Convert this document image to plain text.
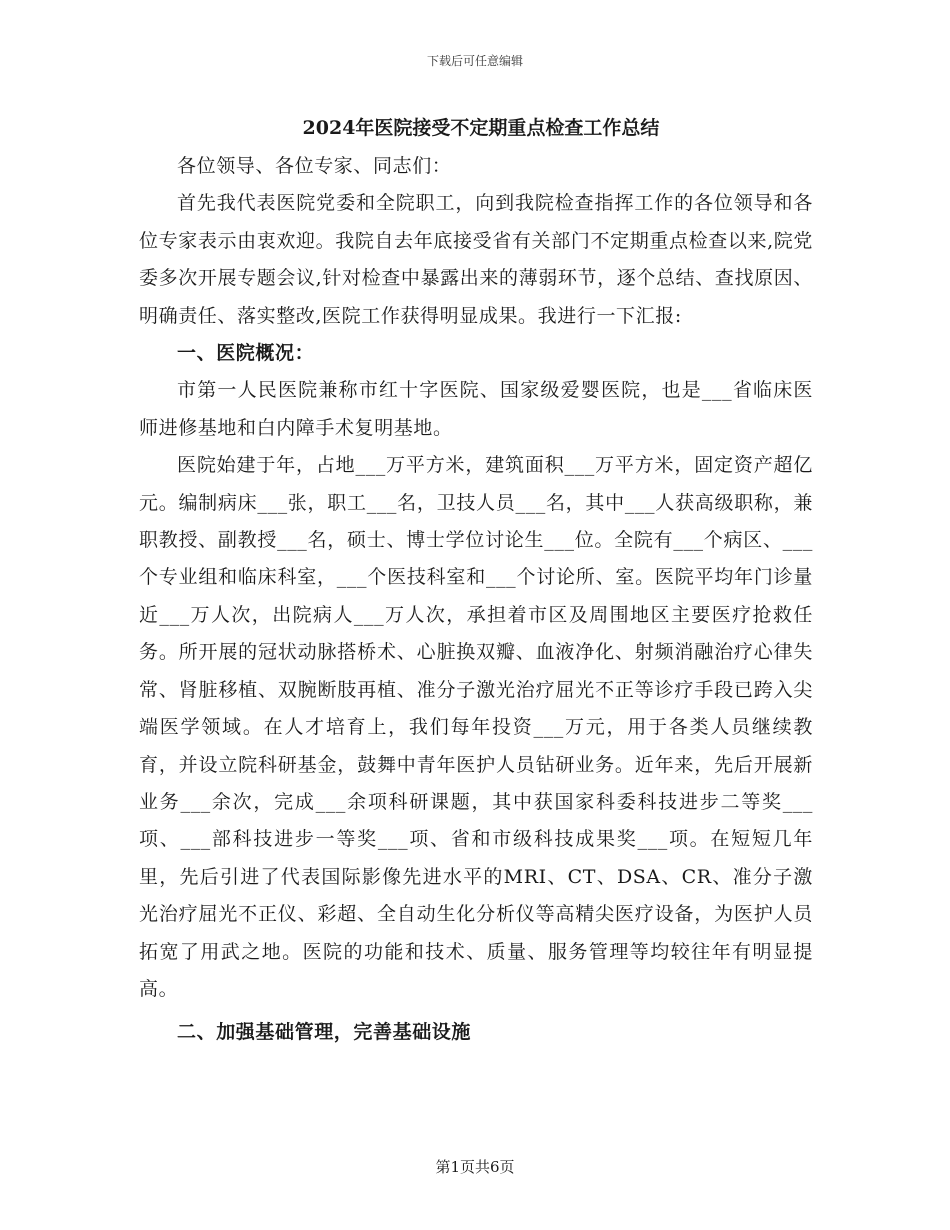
下载后可任意编辑
2024年医院接受不定期重点检查工作总结

各位领导、各位专家、同志们：

首先我代表医院党委和全院职工，向到我院检查指挥工作的各位领导和各位专家表示由衷欢迎。我院自去年底接受省有关部门不定期重点检查以来,院党委多次开展专题会议,针对检查中暴露出来的薄弱环节，逐个总结、查找原因、明确责任、落实整改,医院工作获得明显成果。我进行一下汇报:

一、医院概况：

市第一人民医院兼称市红十字医院、国家级爱婴医院，也是___省临床医师进修基地和白内障手术复明基地。

医院始建于年，占地___万平方米，建筑面积___万平方米，固定资产超亿元。编制病床___张，职工___名，卫技人员___名，其中___人获高级职称，兼职教授、副教授___名，硕士、博士学位讨论生___位。全院有___个病区、___个专业组和临床科室，___个医技科室和___个讨论所、室。医院平均年门诊量近___万人次，出院病人___万人次，承担着市区及周围地区主要医疗抢救任务。所开展的冠状动脉搭桥术、心脏换双瓣、血液净化、射频消融治疗心律失常、肾脏移植、双腕断肢再植、准分子激光治疗屈光不正等诊疗手段已跨入尖端医学领域。在人才培育上，我们每年投资___万元，用于各类人员继续教育，并设立院科研基金，鼓舞中青年医护人员钻研业务。近年来，先后开展新业务___余次，完成___余项科研课题，其中获国家科委科技进步二等奖___项、___部科技进步一等奖___项、省和市级科技成果奖___项。在短短几年里，先后引进了代表国际影像先进水平的MRI、CT、DSA、CR、准分子激光治疗屈光不正仪、彩超、全自动生化分析仪等高精尖医疗设备，为医护人员拓宽了用武之地。医院的功能和技术、质量、服务管理等均较往年有明显提高。

二、加强基础管理，完善基础设施

第1页共6页
